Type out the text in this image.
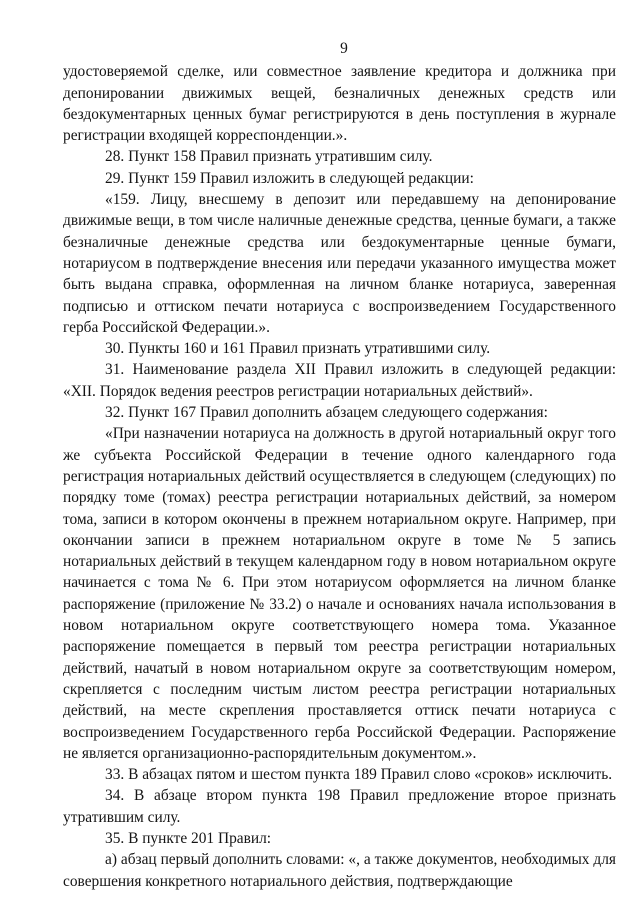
9

удостоверяемой сделке, или совместное заявление кредитора и должника при депонировании движимых вещей, безналичных денежных средств или бездокументарных ценных бумаг регистрируются в день поступления в журнале регистрации входящей корреспонденции.».

28. Пункт 158 Правил признать утратившим силу.

29. Пункт 159 Правил изложить в следующей редакции:

«159. Лицу, внесшему в депозит или передавшему на депонирование движимые вещи, в том числе наличные денежные средства, ценные бумаги, а также безналичные денежные средства или бездокументарные ценные бумаги, нотариусом в подтверждение внесения или передачи указанного имущества может быть выдана справка, оформленная на личном бланке нотариуса, заверенная подписью и оттиском печати нотариуса с воспроизведением Государственного герба Российской Федерации.».

30. Пункты 160 и 161 Правил признать утратившими силу.

31. Наименование раздела XII Правил изложить в следующей редакции: «XII. Порядок ведения реестров регистрации нотариальных действий».

32. Пункт 167 Правил дополнить абзацем следующего содержания:

«При назначении нотариуса на должность в другой нотариальный округ того же субъекта Российской Федерации в течение одного календарного года регистрация нотариальных действий осуществляется в следующем (следующих) по порядку томе (томах) реестра регистрации нотариальных действий, за номером тома, записи в котором окончены в прежнем нотариальном округе. Например, при окончании записи в прежнем нотариальном округе в томе № 5 запись нотариальных действий в текущем календарном году в новом нотариальном округе начинается с тома № 6. При этом нотариусом оформляется на личном бланке распоряжение (приложение № 33.2) о начале и основаниях начала использования в новом нотариальном округе соответствующего номера тома. Указанное распоряжение помещается в первый том реестра регистрации нотариальных действий, начатый в новом нотариальном округе за соответствующим номером, скрепляется с последним чистым листом реестра регистрации нотариальных действий, на месте скрепления проставляется оттиск печати нотариуса с воспроизведением Государственного герба Российской Федерации. Распоряжение не является организационно-распорядительным документом.».

33. В абзацах пятом и шестом пункта 189 Правил слово «сроков» исключить.

34. В абзаце втором пункта 198 Правил предложение второе признать утратившим силу.

35. В пункте 201 Правил:

а) абзац первый дополнить словами: «, а также документов, необходимых для совершения конкретного нотариального действия, подтверждающие
